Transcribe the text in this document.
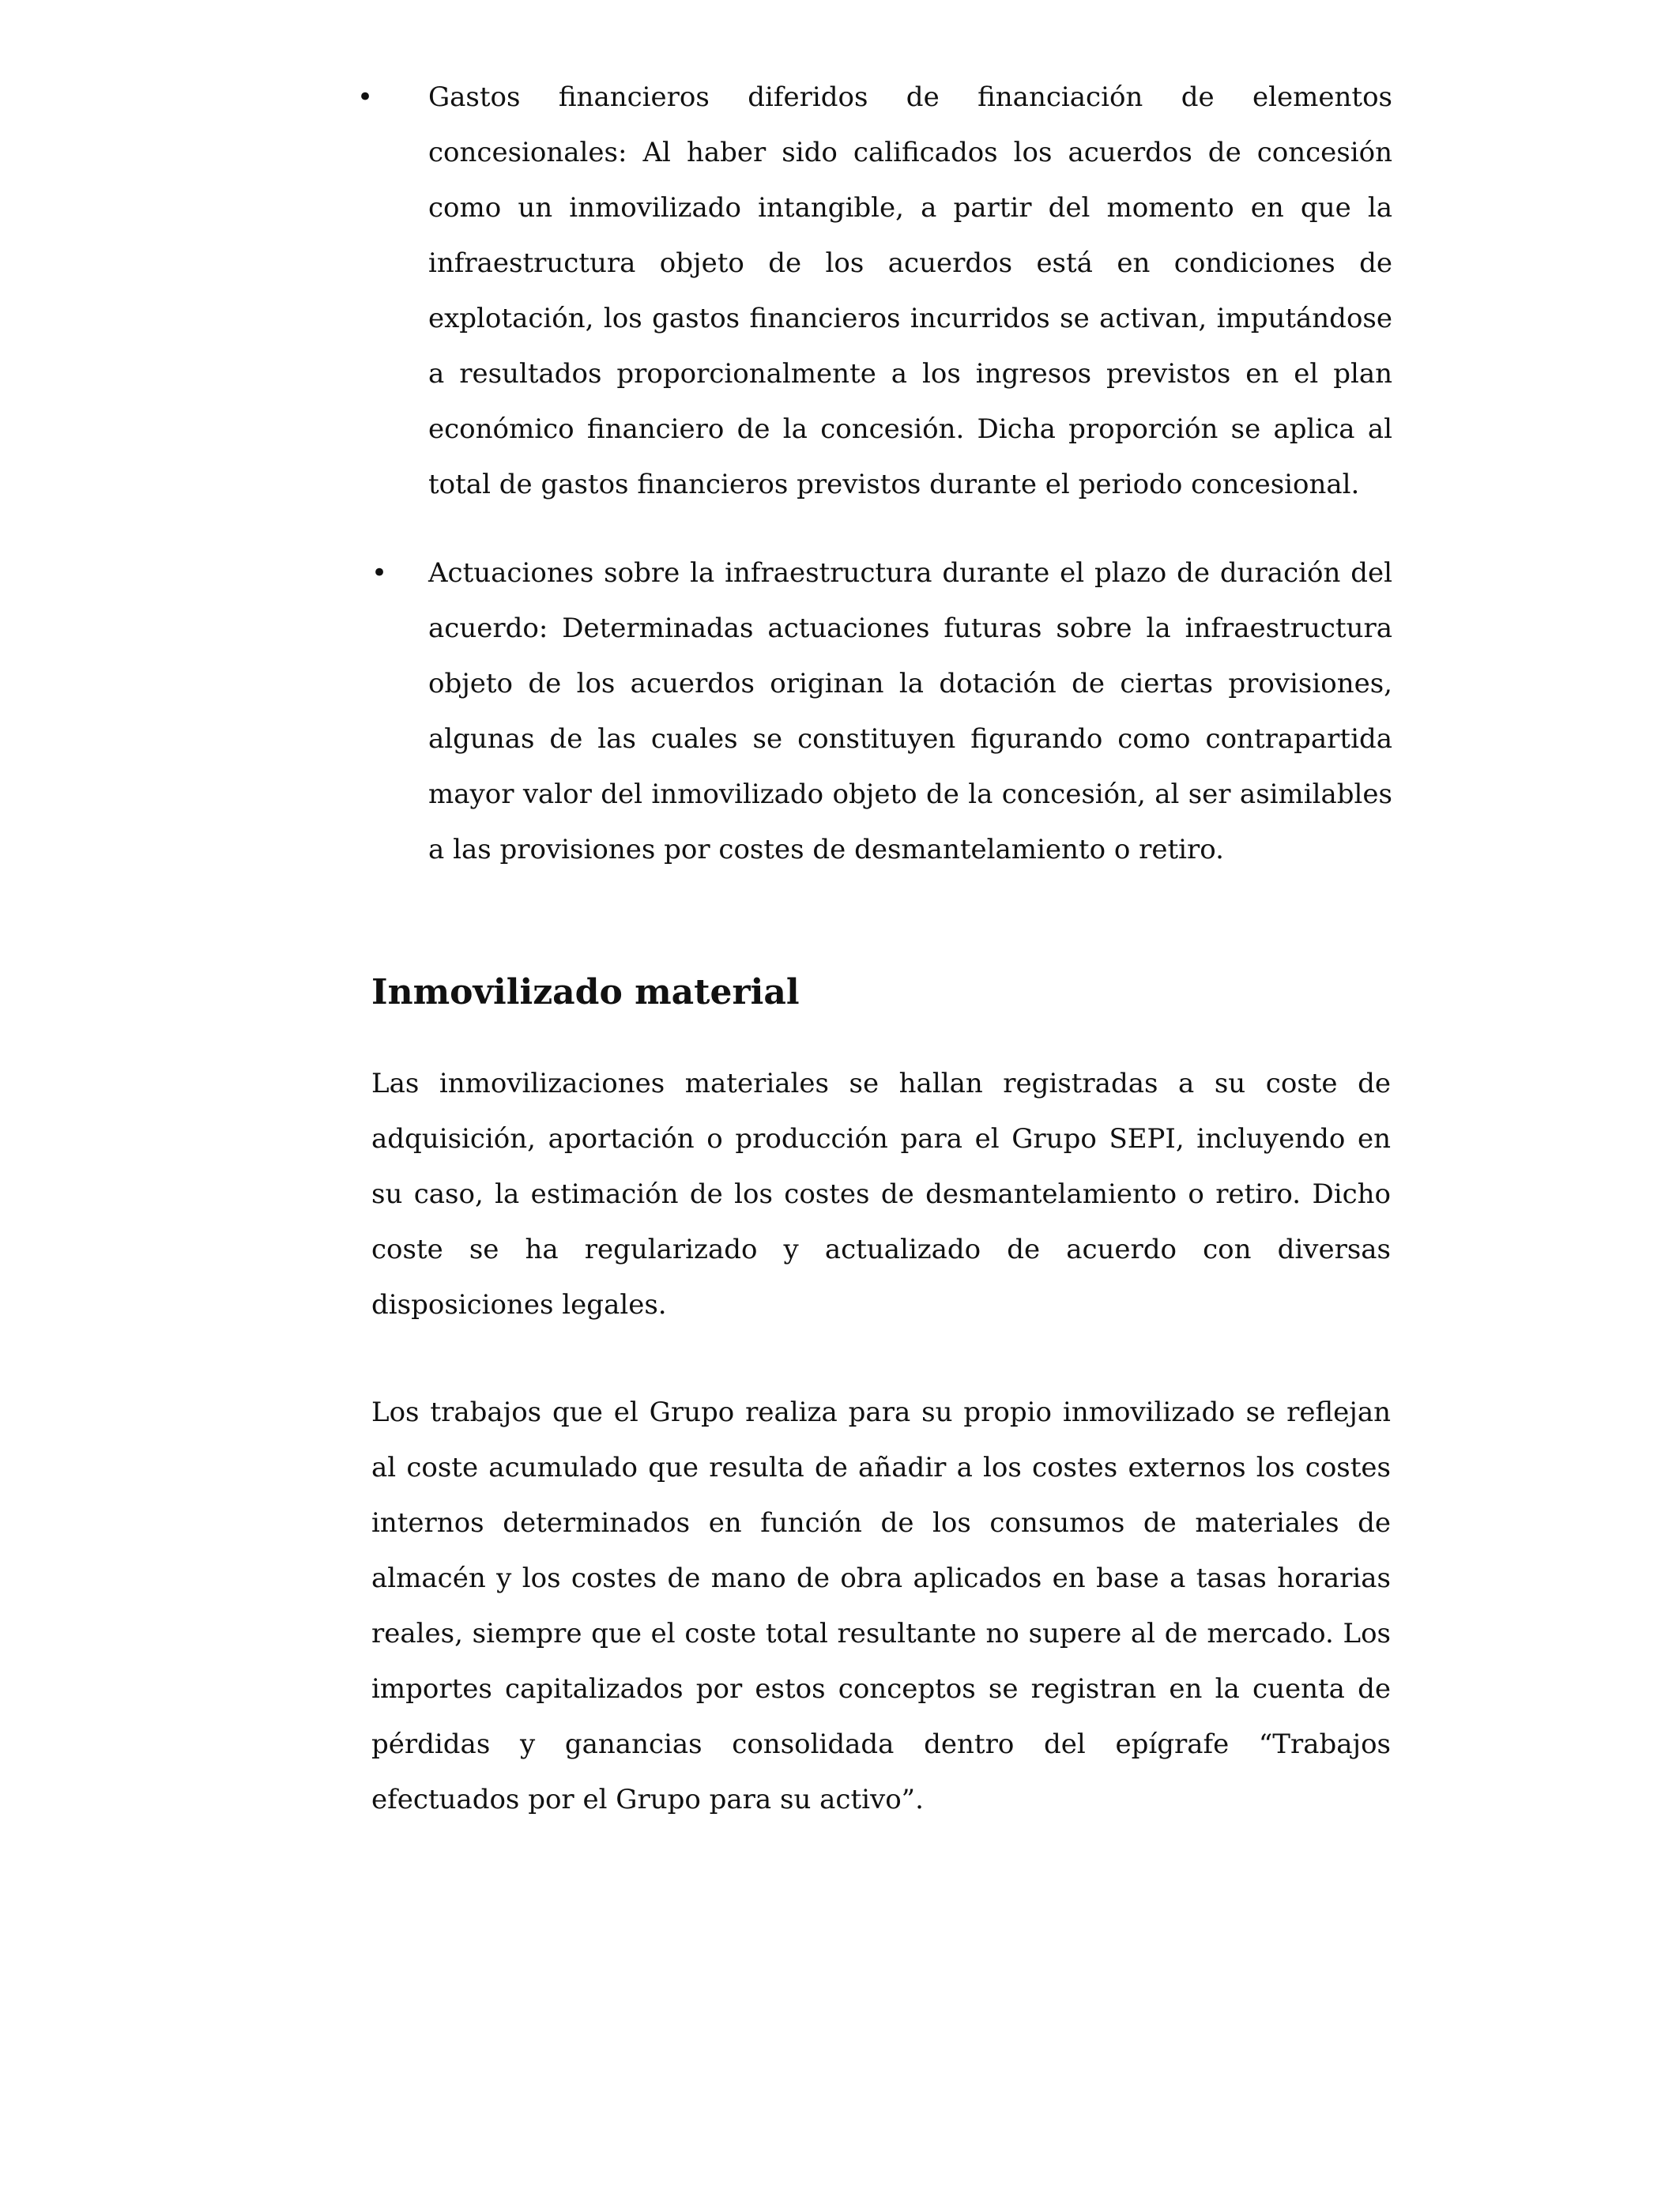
•	Gastos financieros diferidos de financiación de elementos concesionales: Al haber sido calificados los acuerdos de concesión como un inmovilizado intangible, a partir del momento en que la infraestructura objeto de los acuerdos está en condiciones de explotación, los gastos financieros incurridos se activan, imputándose a resultados proporcionalmente a los ingresos previstos en el plan económico financiero de la concesión. Dicha proporción se aplica al total de gastos financieros previstos durante el periodo concesional.

•	Actuaciones sobre la infraestructura durante el plazo de duración del acuerdo: Determinadas actuaciones futuras sobre la infraestructura objeto de los acuerdos originan la dotación de ciertas provisiones, algunas de las cuales se constituyen figurando como contrapartida mayor valor del inmovilizado objeto de la concesión, al ser asimilables a las provisiones por costes de desmantelamiento o retiro.

Inmovilizado material

Las inmovilizaciones materiales se hallan registradas a su coste de adquisición, aportación o producción para el Grupo SEPI, incluyendo en su caso, la estimación de los costes de desmantelamiento o retiro. Dicho coste se ha regularizado y actualizado de acuerdo con diversas disposiciones legales.

Los trabajos que el Grupo realiza para su propio inmovilizado se reflejan al coste acumulado que resulta de añadir a los costes externos los costes internos determinados en función de los consumos de materiales de almacén y los costes de mano de obra aplicados en base a tasas horarias reales, siempre que el coste total resultante no supere al de mercado. Los importes capitalizados por estos conceptos se registran en la cuenta de pérdidas y ganancias consolidada dentro del epígrafe “Trabajos efectuados por el Grupo para su activo”.
